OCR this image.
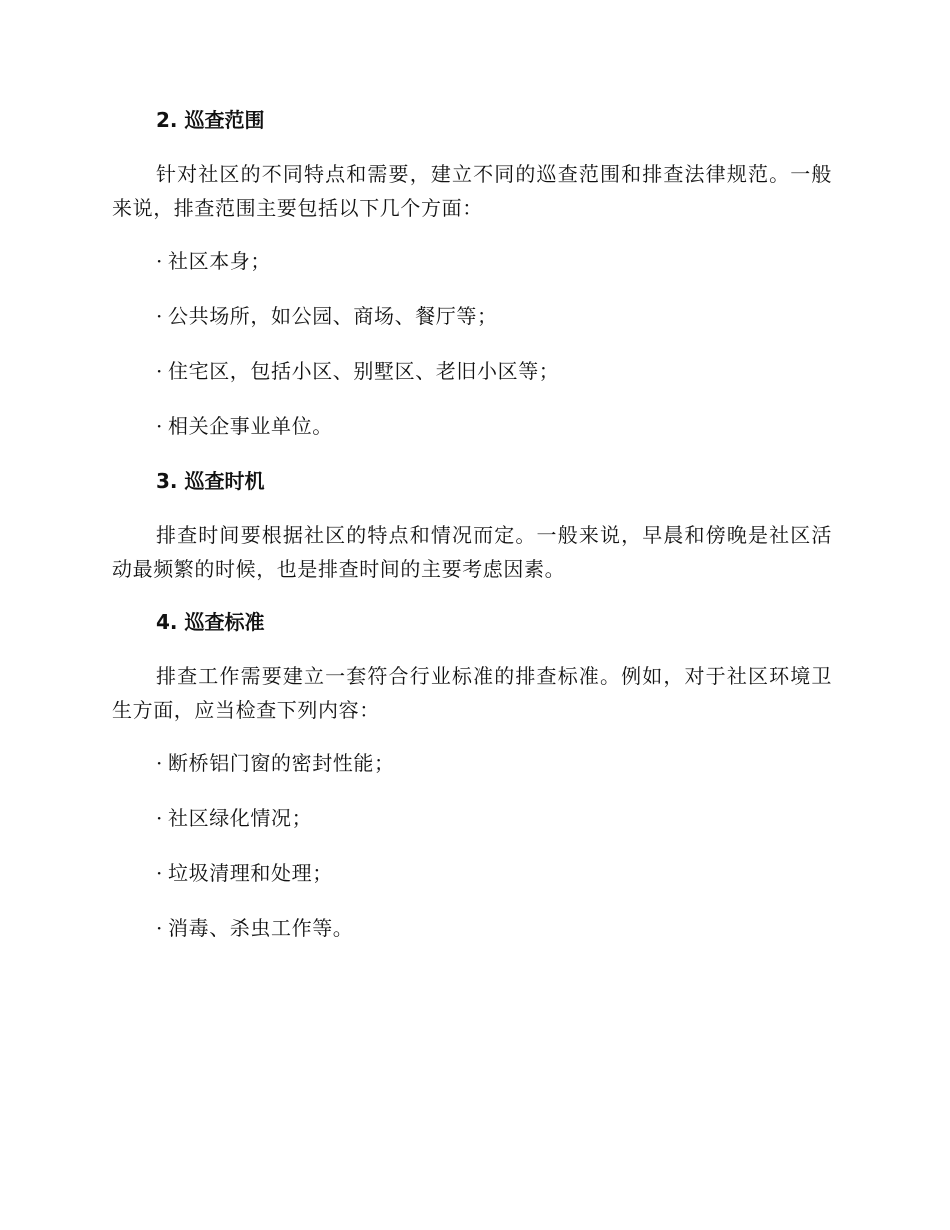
2. 巡查范围
针对社区的不同特点和需要，建立不同的巡查范围和排查法律规范。一般来说，排查范围主要包括以下几个方面：
· 社区本身；
· 公共场所，如公园、商场、餐厅等；
· 住宅区，包括小区、别墅区、老旧小区等；
· 相关企事业单位。
3. 巡查时机
排查时间要根据社区的特点和情况而定。一般来说，早晨和傍晚是社区活动最频繁的时候，也是排查时间的主要考虑因素。
4. 巡查标准
排查工作需要建立一套符合行业标准的排查标准。例如，对于社区环境卫生方面，应当检查下列内容：
· 断桥铝门窗的密封性能；
· 社区绿化情况；
· 垃圾清理和处理；
· 消毒、杀虫工作等。
